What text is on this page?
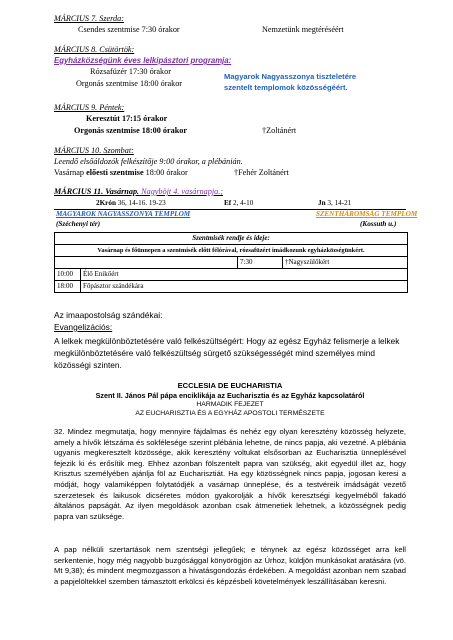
MÁRCIUS 7. Szerda:
Csendes szentmise 7:30 órakor	Nemzetünk megtéréséért
MÁRCIUS 8. Csütörtök:
Egyházközségünk éves lelkipásztori programja:
Rózsafüzér 17:30 órakor
Orgonás szentmise 18:00 órakor
Magyarok Nagyasszonya tiszteletére
szentelt templomok közösségéért.
MÁRCIUS 9. Péntek:
Keresztút 17:15 órakor
Orgonás szentmise 18:00 órakor	†Zoltánért
MÁRCIUS 10. Szombat:
Leendő elsőáldozók felkészítője 9:00 órakor, a plébánián.
Vasárnap előesti szentmise 18:00 órakor	†Fehér Zoltánért
MÁRCIUS 11. Vasárnap. Nagyböjt 4. vasárnapja.;
2Krón 36, 14-16. 19-23	Ef 2, 4-10	Jn 3, 14-21
MAGYAROK NAGYASSZONYA TEMPLOM	SZENTHÁROMSÁG TEMPLOM
(Széchenyi tér)	(Kossuth u.)
Szentmisék rendje és ideje:
Vasárnap és főünnepen a szentmisék előtt félórával, rózsafüzért imádkozunk egyházközségünkért.
7:30	†Nagyszülőkért
10:00	Élő Enikőért
18:00	Főpásztor szándékára
Az imaapostolság szándékai:
Evangelizációs:
A lelkek megkülönböztetésére való felkészültségért: Hogy az egész Egyház felismerje a lelkek megkülönböztetésére való felkészültség sürgető szükségességét mind személyes mind közösségi szinten.
ECCLESIA DE EUCHARISTIA
Szent II. János Pál pápa enciklikája az Eucharisztia és az Egyház kapcsolatáról
HARMADIK FEJEZET
AZ EUCHARISZTIA ÉS A EGYHÁZ APOSTOLI TERMÉSZETE
32. Mindez megmutatja, hogy mennyire fájdalmas és nehéz egy olyan keresztény közösség helyzete, amely a hívők létszáma és sokfélesége szerint plébánia lehetne, de nincs papja, aki vezetné. A plébánia ugyanis megkeresztelt közössége, akik keresztény voltukat elsősorban az Eucharisztia ünneplésével fejezik ki és erősítik meg. Ehhez azonban fölszentelt papra van szükség, akit egyedül illet az, hogy Krisztus személyében ajánlja föl az Eucharisztiát. Ha egy közösségnek nincs papja, jogosan keresi a módját, hogy valamiképpen folytatódjék a vasárnap ünneplése, és a testvéreik imádságát vezető szerzetesek és laikusok dicséretes módon gyakorolják a hívők keresztségi kegyelméből fakadó általános papságát. Az ilyen megoldások azonban csak átmenetiek lehetnek, a közösségnek pedig papra van szüksége.
A pap nélküli szertartások nem szentségi jellegűek; e ténynek az egész közösséget arra kell serkentenie, hogy még nagyobb buzgósággal könyörögjön az Úrhoz, küldjön munkásokat aratására (vö. Mt 9,38); és mindent megmozgasson a hivatásgondozás érdekében. A megoldást azonban nem szabad a papjelöltekkel szemben támasztott erkölcsi és képzésbeli követelmények leszállításában keresni.
